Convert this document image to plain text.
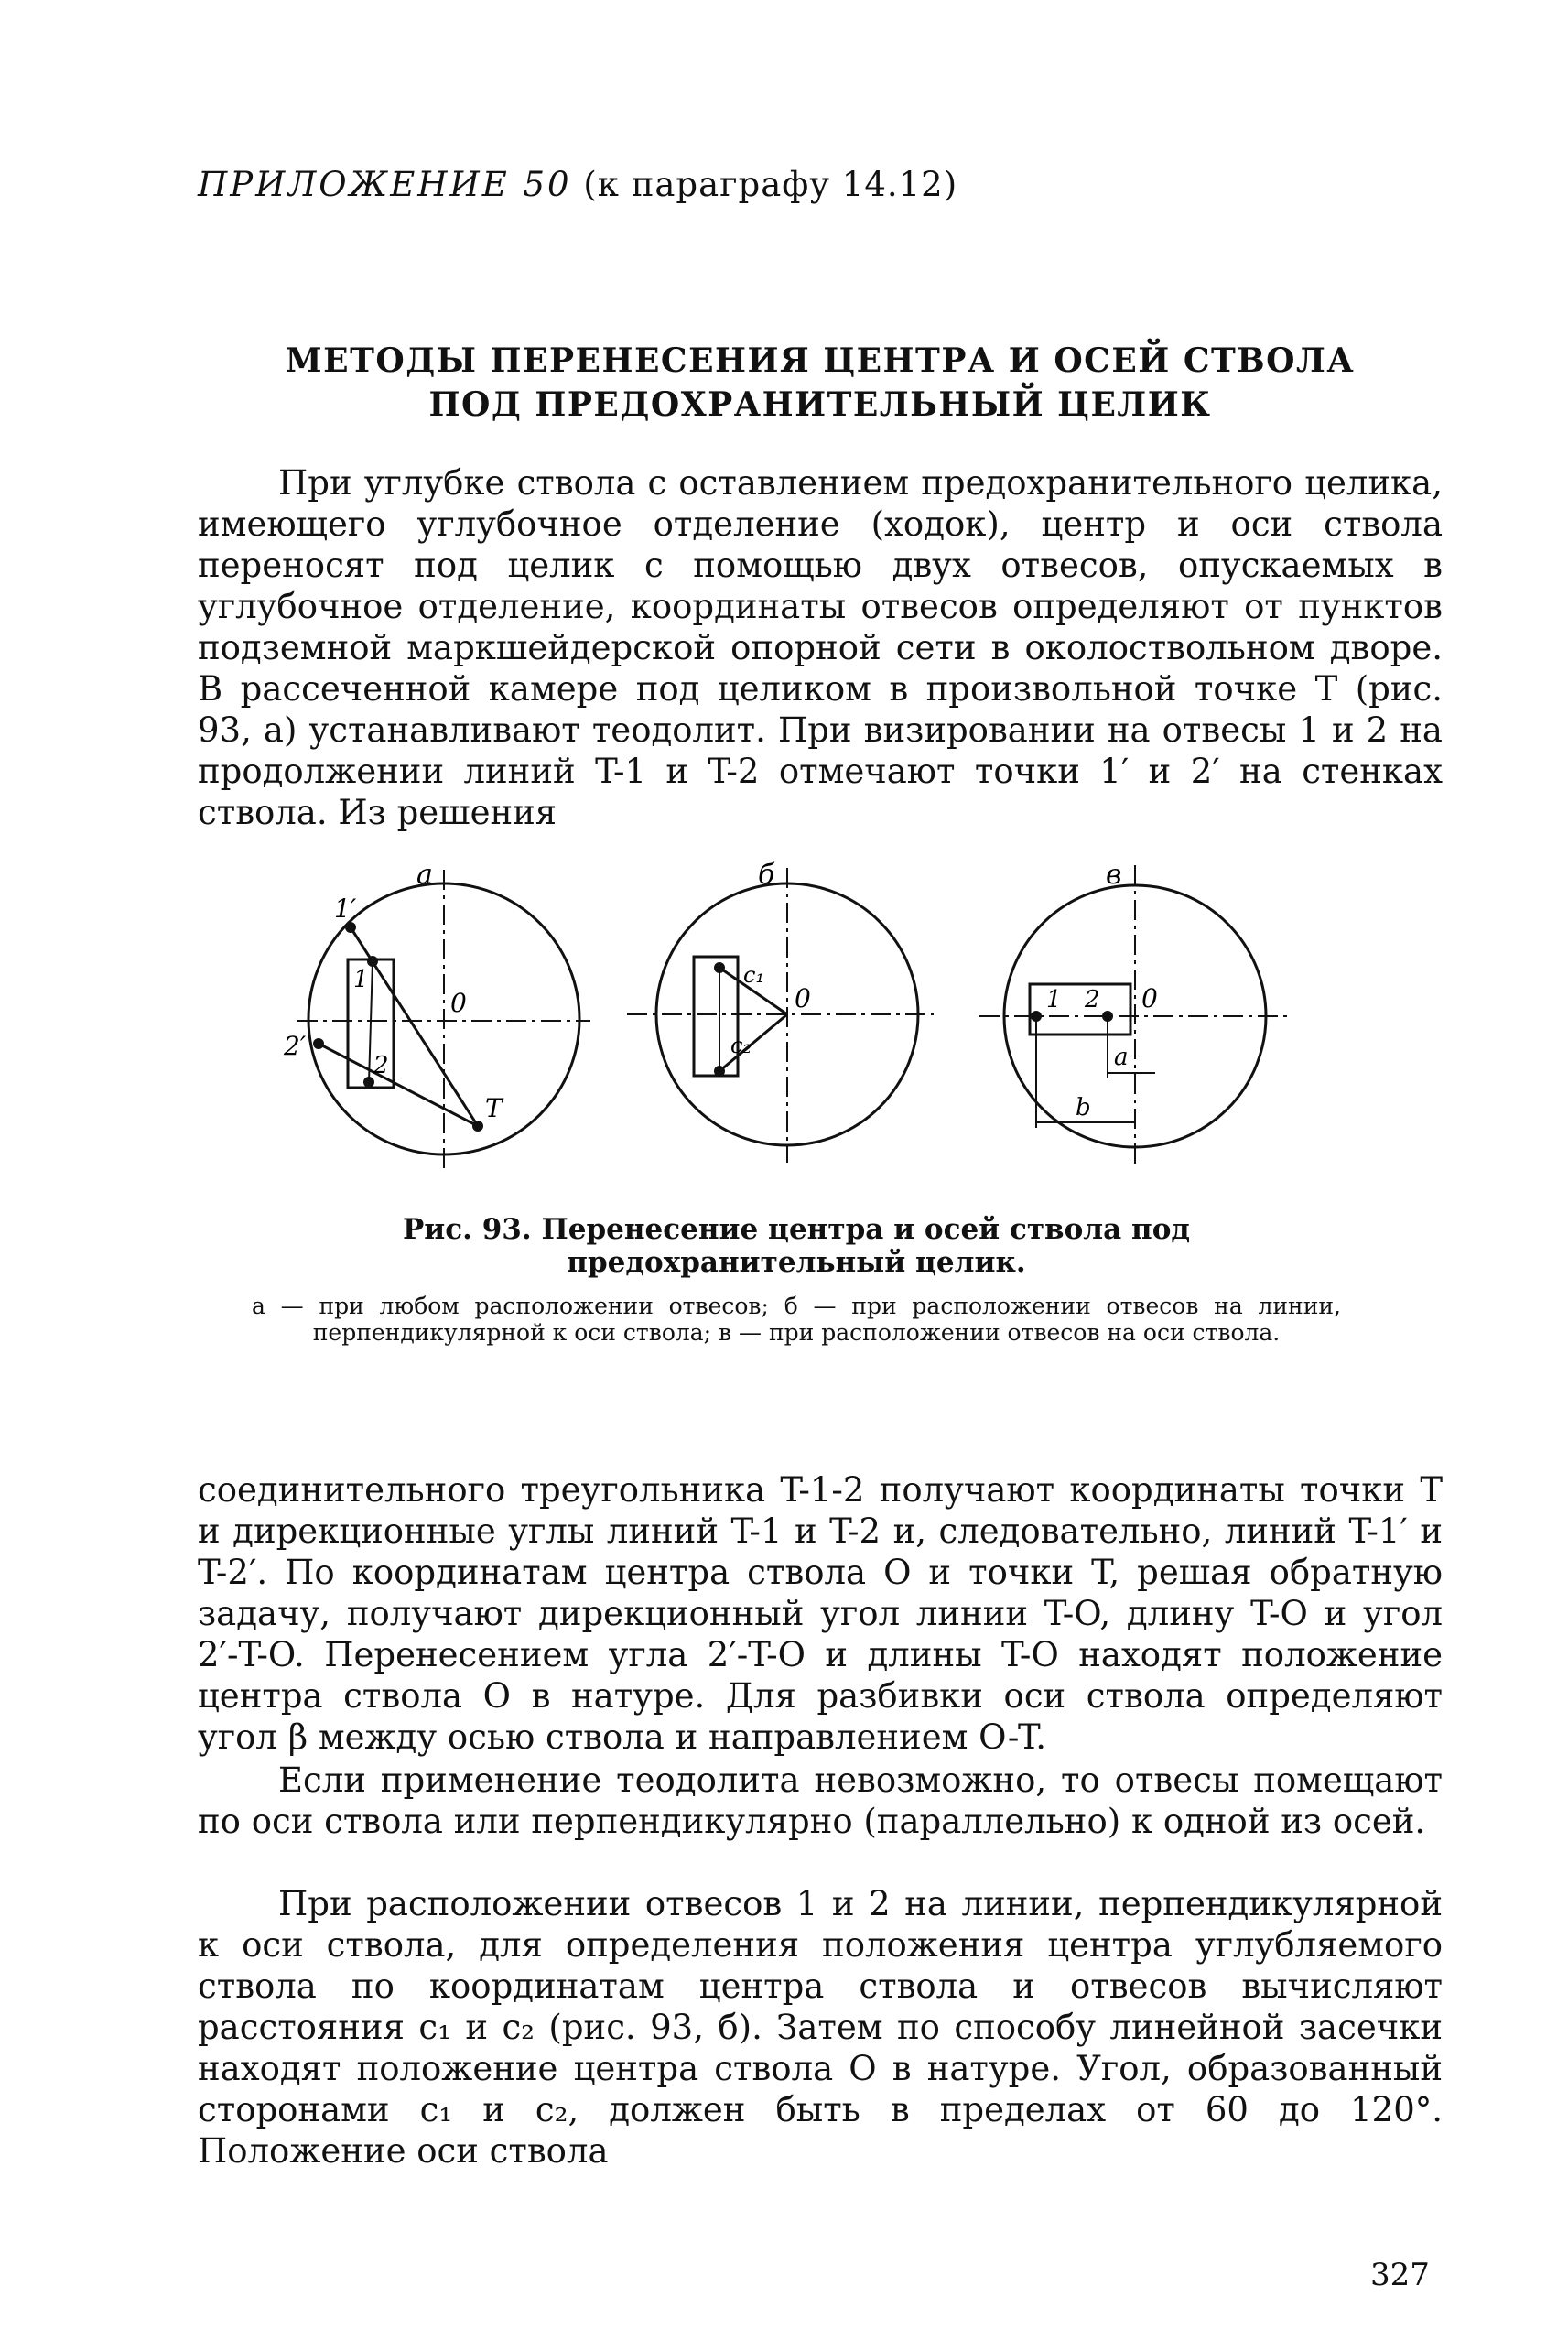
ПРИЛОЖЕНИЕ 50 (к параграфу 14.12)
МЕТОДЫ ПЕРЕНЕСЕНИЯ ЦЕНТРА И ОСЕЙ СТВОЛА
ПОД ПРЕДОХРАНИТЕЛЬНЫЙ ЦЕЛИК
При углубке ствола с оставлением предохранительного целика, имеющего углубочное отделение (ходок), центр и оси ствола переносят под целик с помощью двух отвесов, опускаемых в углубочное отделение, координаты отвесов определяют от пунктов подземной маркшейдерской опорной сети в околоствольном дворе. В рассеченной камере под целиком в произвольной точке T (рис. 93, а) устанавливают теодолит. При визировании на отвесы 1 и 2 на продолжении линий T-1 и T-2 отмечают точки 1′ и 2′ на стенках ствола. Из решения
а
1′
2′
1
2
0
T
б
c₁
c₂
0
в
1 2 0
a
b
Рис. 93. Перенесение центра и осей ствола под предохранительный целик.
а — при любом расположении отвесов; б — при расположении отвесов на линии, перпендикулярной к оси ствола; в — при расположении отвесов на оси ствола.
соединительного треугольника T-1-2 получают координаты точки T и дирекционные углы линий T-1 и T-2 и, следовательно, линий T-1′ и T-2′. По координатам центра ствола O и точки T, решая обратную задачу, получают дирекционный угол линии T-O, длину T-O и угол 2′-T-O. Перенесением угла 2′-T-O и длины T-O находят положение центра ствола O в натуре. Для разбивки оси ствола определяют угол β между осью ствола и направлением O-T.
Если применение теодолита невозможно, то отвесы помещают по оси ствола или перпендикулярно (параллельно) к одной из осей.
При расположении отвесов 1 и 2 на линии, перпендикулярной к оси ствола, для определения положения центра углубляемого ствола по координатам центра ствола и отвесов вычисляют расстояния c₁ и c₂ (рис. 93, б). Затем по способу линейной засечки находят положение центра ствола O в натуре. Угол, образованный сторонами c₁ и c₂, должен быть в пределах от 60 до 120°. Положение оси ствола
327
